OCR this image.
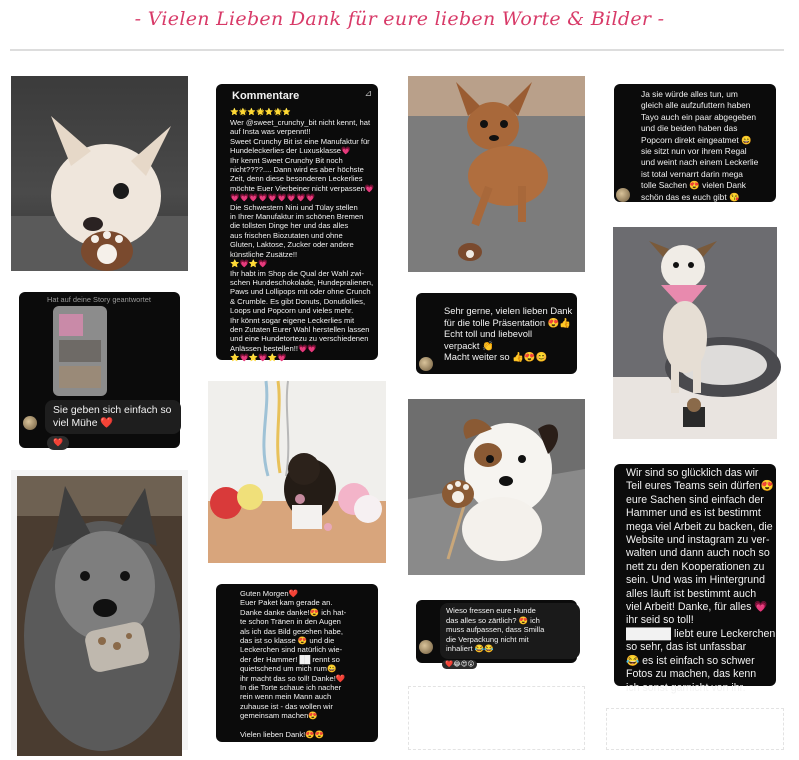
- Vielen Lieben Dank für eure lieben Worte & Bilder -
Hat auf deine Story geantwortet
Sie geben sich einfach so viel Mühe ❤️
❤️
Kommentare	⊿
⭐🌟⭐🌟⭐🌟⭐
Wer @sweet_crunchy_bit nicht kennt, hat
auf Insta was verpennt!!
Sweet Crunchy Bit ist eine Manufaktur für
Hundeleckerlies der Luxusklasse💗
Ihr kennt Sweet Crunchy Bit noch
nicht????.... Dann wird es aber höchste
Zeit, denn diese besonderen Leckerlies
möchte Euer Vierbeiner nicht verpassen💗
💗💗💗💗💗💗💗💗💗
Die Schwestern Nini und Tülay stellen
in Ihrer Manufaktur im schönen Bremen
die tollsten Dinge her und das alles
aus frischen Biozutaten und ohne
Gluten, Laktose, Zucker oder andere
künstliche Zusätze!!
⭐💗⭐💗
Ihr habt im Shop die Qual der Wahl zwi-
schen Hundeschokolade, Hundepralienen,
Paws und Lollipops mit oder ohne Crunch
& Crumble. Es gibt Donuts, Donutlollies,
Loops und Popcorn und vieles mehr.
Ihr könnt sogar eigene Leckerlies mit
den Zutaten Eurer Wahl herstellen lassen
und eine Hundetortezu zu verschiedenen
Anlässen bestellen!!💗💗
⭐💗⭐💗⭐💗
Guten Morgen❤️
Euer Paket kam gerade an.
Danke danke danke!😍 ich hat-
te schon Tränen in den Augen
als ich das Bild gesehen habe,
das ist so klasse 😍 und die
Leckerchen sind natürlich wie-
der der Hammer! ██ rennt so
quietschend um mich rum😀
ihr macht das so toll! Danke!❤️
In die Torte schaue ich nacher
rein wenn mein Mann auch
zuhause ist - das wollen wir
gemeinsam machen😍
Vielen lieben Dank!😍😍
Sehr gerne, vielen lieben Dank
für die tolle Präsentation 😍👍
Echt toll und liebevoll
verpackt 👏
Macht weiter so 👍😍😊
Wieso fressen eure Hunde
das alles so zärtlich? 😍 ich
muss aufpassen, dass Smilla
die Verpackung nicht mit
inhaliert 😂😂
❤️😂😍😮
Ja sie würde alles tun, um
gleich alle aufzufuttern haben
Tayo auch ein paar abgegeben
und die beiden haben das
Popcorn direkt eingeatmet 😄
sie sitzt nun vor ihrem Regal
und weint nach einem Leckerlie
ist total vernarrt darin mega
tolle Sachen 😍 vielen Dank
schön das es euch gibt 😘
Wir sind so glücklich das wir
Teil eures Teams sein dürfen😍
eure Sachen sind einfach der
Hammer und es ist bestimmt
mega viel Arbeit zu backen, die
Website und instagram zu ver-
walten und dann auch noch so
nett zu den Kooperationen zu
sein. Und was im Hintergrund
alles läuft ist bestimmt auch
viel Arbeit! Danke, für alles 💗
ihr seid so toll!
██████ liebt eure Leckerchen
so sehr, das ist unfassbar
😂 es ist einfach so schwer
Fotos zu machen, das kenn
ich sonst garnicht von ihr.
